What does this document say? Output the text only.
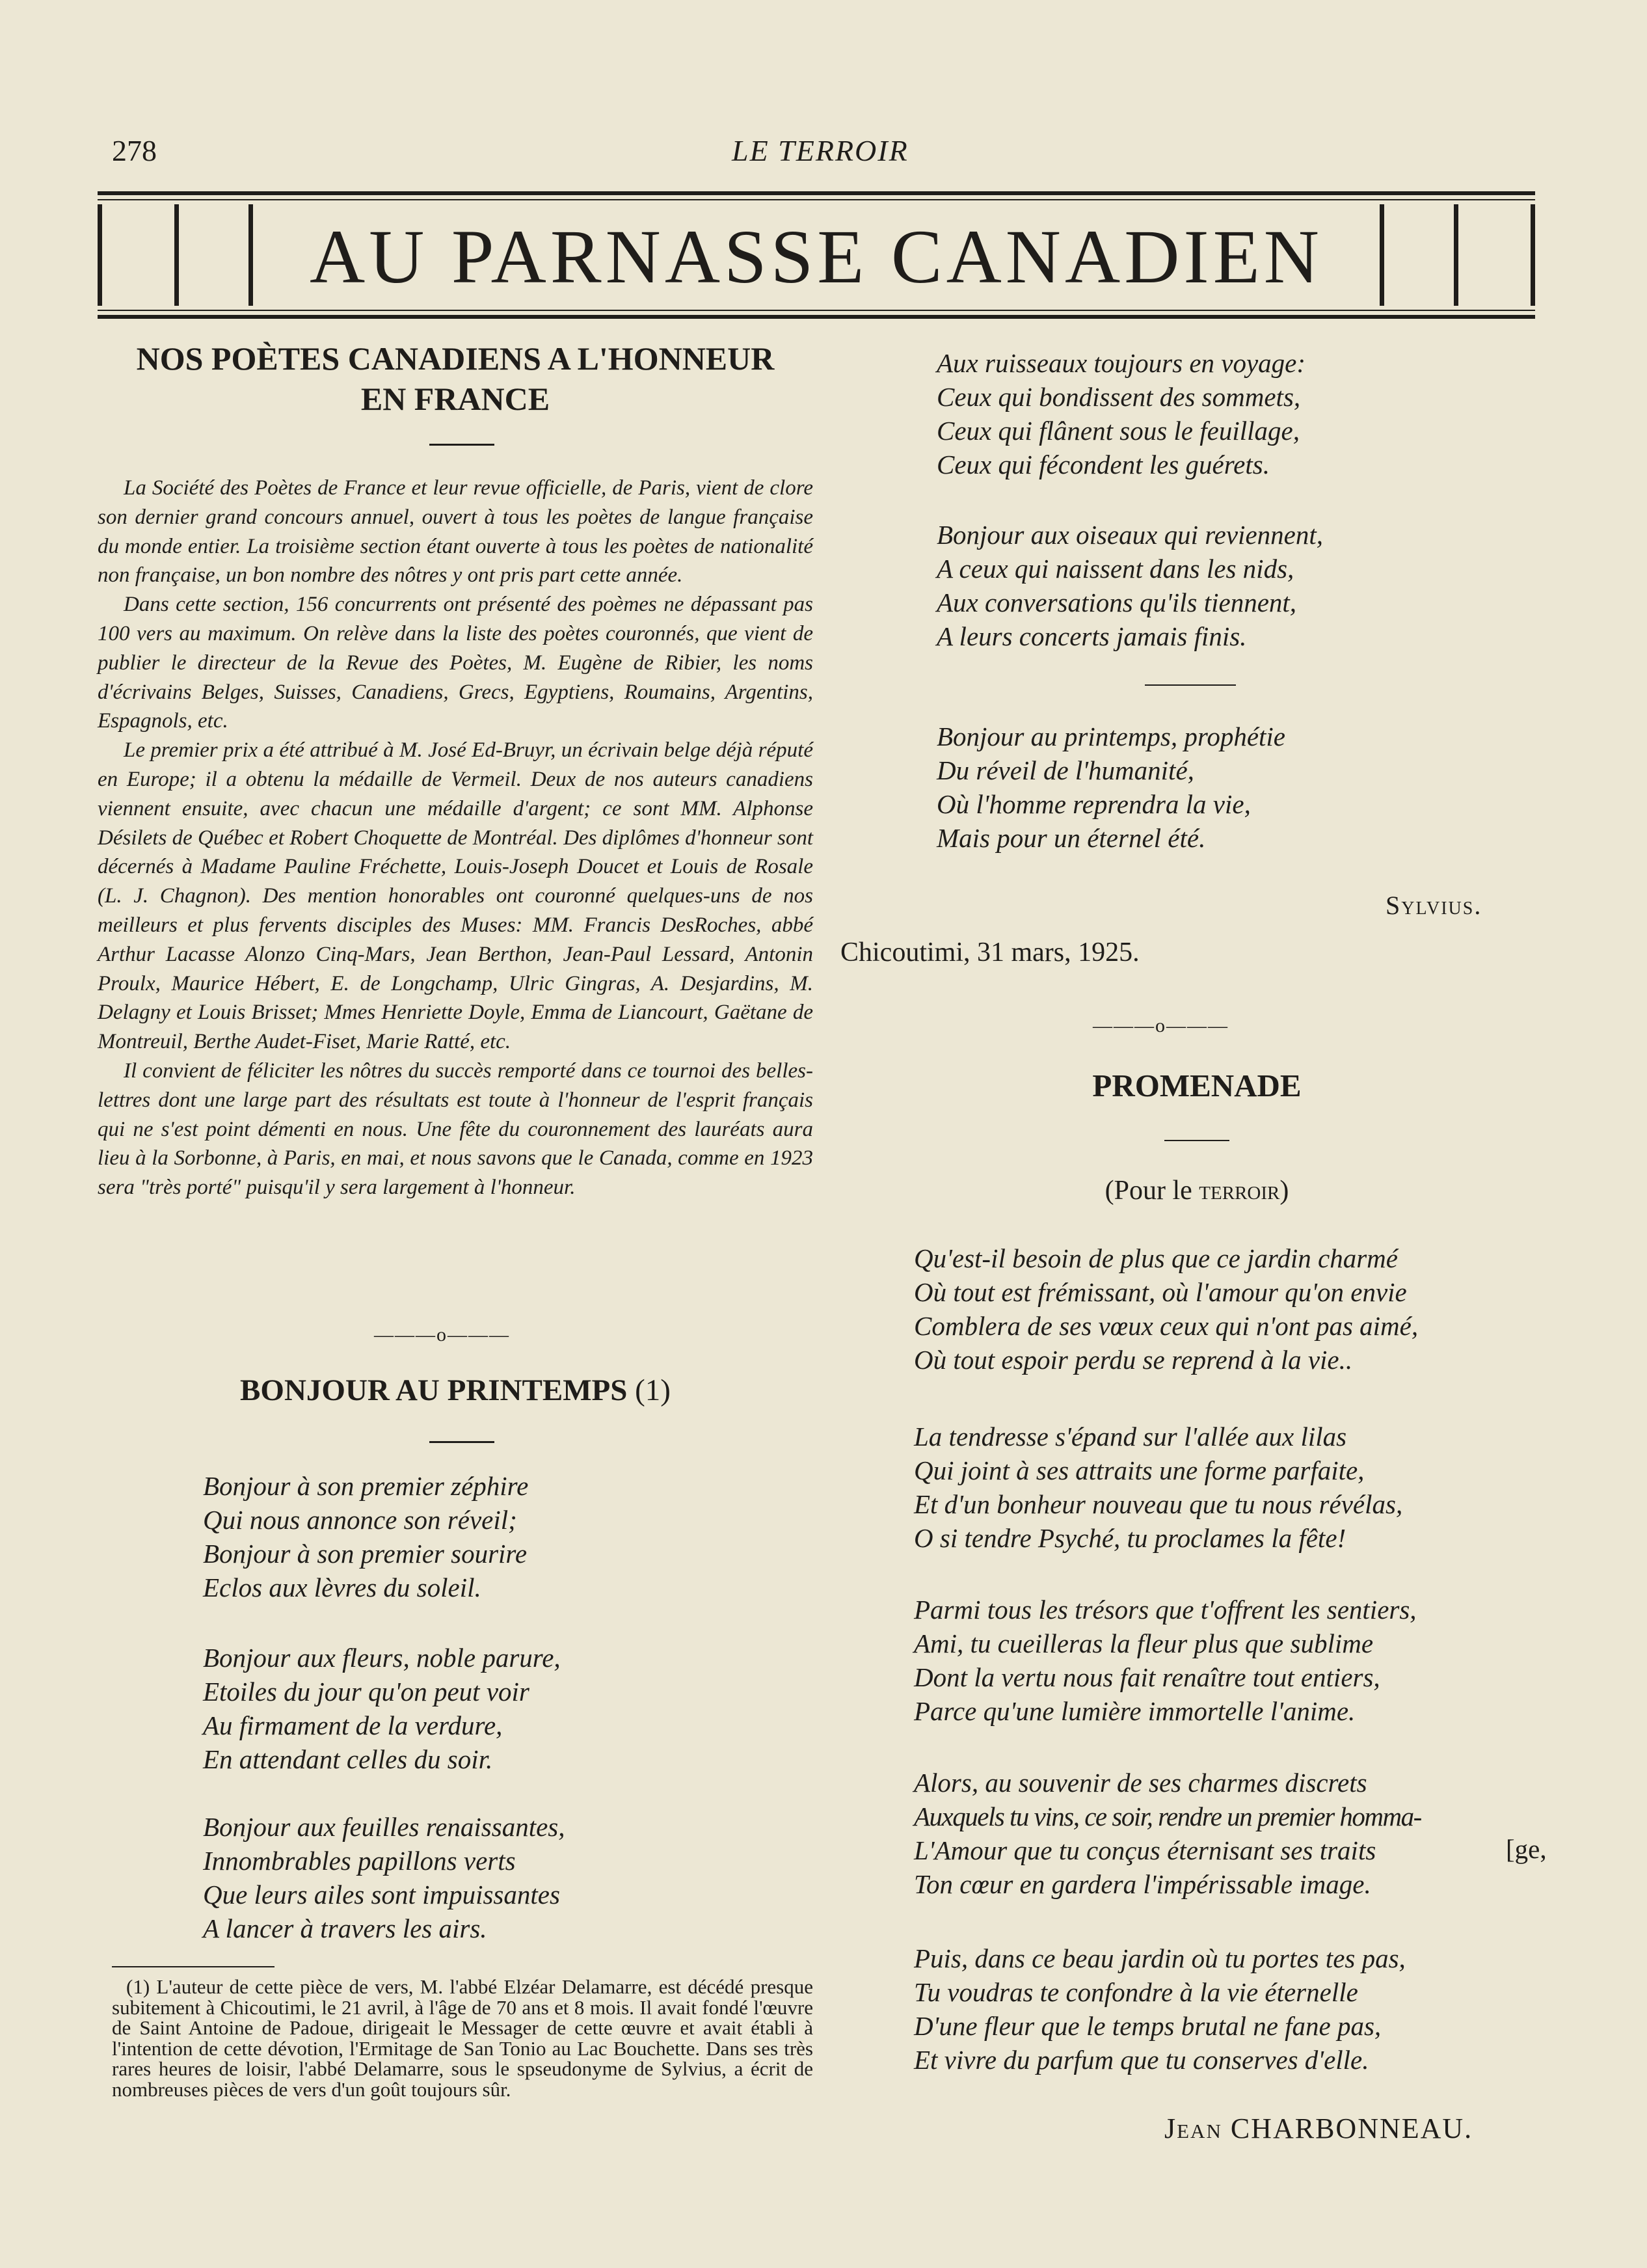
278	LE TERROIR
AU PARNASSE CANADIEN
NOS POÈTES CANADIENS A L'HONNEUR
EN FRANCE

La Société des Poètes de France et leur revue officielle, de Paris, vient de clore son dernier grand concours annuel, ouvert à tous les poètes de langue française du monde entier. La troisième section étant ouverte à tous les poètes de nationalité non française, un bon nombre des nôtres y ont pris part cette année.

Dans cette section, 156 concurrents ont présenté des poèmes ne dépassant pas 100 vers au maximum. On relève dans la liste des poètes couronnés, que vient de publier le directeur de la Revue des Poètes, M. Eugène de Ribier, les noms d'écrivains Belges, Suisses, Canadiens, Grecs, Egyptiens, Roumains, Argentins, Espagnols, etc.

Le premier prix a été attribué à M. José Ed-Bruyr, un écrivain belge déjà réputé en Europe; il a obtenu la médaille de Vermeil. Deux de nos auteurs canadiens viennent ensuite, avec chacun une médaille d'argent; ce sont MM. Alphonse Désilets de Québec et Robert Choquette de Montréal. Des diplômes d'honneur sont décernés à Madame Pauline Fréchette, Louis-Joseph Doucet et Louis de Rosale (L. J. Chagnon). Des mention honorables ont couronné quelques-uns de nos meilleurs et plus fervents disciples des Muses: MM. Francis DesRoches, abbé Arthur Lacasse Alonzo Cinq-Mars, Jean Berthon, Jean-Paul Lessard, Antonin Proulx, Maurice Hébert, E. de Longchamp, Ulric Gingras, A. Desjardins, M. Delagny et Louis Brisset; Mmes Henriette Doyle, Emma de Liancourt, Gaëtane de Montreuil, Berthe Audet-Fiset, Marie Ratté, etc.

Il convient de féliciter les nôtres du succès remporté dans ce tournoi des belles-lettres dont une large part des résultats est toute à l'honneur de l'esprit français qui ne s'est point démenti en nous. Une fête du couronnement des lauréats aura lieu à la Sorbonne, à Paris, en mai, et nous savons que le Canada, comme en 1923 sera "très porté" puisqu'il y sera largement à l'honneur.

———o———
BONJOUR AU PRINTEMPS (1)
Bonjour à son premier zéphire
Qui nous annonce son réveil;
Bonjour à son premier sourire
Eclos aux lèvres du soleil.
Bonjour aux fleurs, noble parure,
Etoiles du jour qu'on peut voir
Au firmament de la verdure,
En attendant celles du soir.
Bonjour aux feuilles renaissantes,
Innombrables papillons verts
Que leurs ailes sont impuissantes
A lancer à travers les airs.

(1) L'auteur de cette pièce de vers, M. l'abbé Elzéar Delamarre, est décédé presque subitement à Chicoutimi, le 21 avril, à l'âge de 70 ans et 8 mois. Il avait fondé l'œuvre de Saint Antoine de Padoue, dirigeait le Messager de cette œuvre et avait établi à l'intention de cette dévotion, l'Ermitage de San Tonio au Lac Bouchette. Dans ses très rares heures de loisir, l'abbé Delamarre, sous le spseudonyme de Sylvius, a écrit de nombreuses pièces de vers d'un goût toujours sûr.

Aux ruisseaux toujours en voyage:
Ceux qui bondissent des sommets,
Ceux qui flânent sous le feuillage,
Ceux qui fécondent les guérets.
Bonjour aux oiseaux qui reviennent,
A ceux qui naissent dans les nids,
Aux conversations qu'ils tiennent,
A leurs concerts jamais finis.
Bonjour au printemps, prophétie
Du réveil de l'humanité,
Où l'homme reprendra la vie,
Mais pour un éternel été.
Sylvius.
Chicoutimi, 31 mars, 1925.
———o———
PROMENADE
(Pour le terroir)
Qu'est-il besoin de plus que ce jardin charmé
Où tout est frémissant, où l'amour qu'on envie
Comblera de ses vœux ceux qui n'ont pas aimé,
Où tout espoir perdu se reprend à la vie..
La tendresse s'épand sur l'allée aux lilas
Qui joint à ses attraits une forme parfaite,
Et d'un bonheur nouveau que tu nous révélas,
O si tendre Psyché, tu proclames la fête!
Parmi tous les trésors que t'offrent les sentiers,
Ami, tu cueilleras la fleur plus que sublime
Dont la vertu nous fait renaître tout entiers,
Parce qu'une lumière immortelle l'anime.
Alors, au souvenir de ses charmes discrets
Auxquels tu vins, ce soir, rendre un premier homma-
L'Amour que tu conçus éternisant ses traits
Ton cœur en gardera l'impérissable image.
[ge,
Puis, dans ce beau jardin où tu portes tes pas,
Tu voudras te confondre à la vie éternelle
D'une fleur que le temps brutal ne fane pas,
Et vivre du parfum que tu conserves d'elle.
Jean CHARBONNEAU.
